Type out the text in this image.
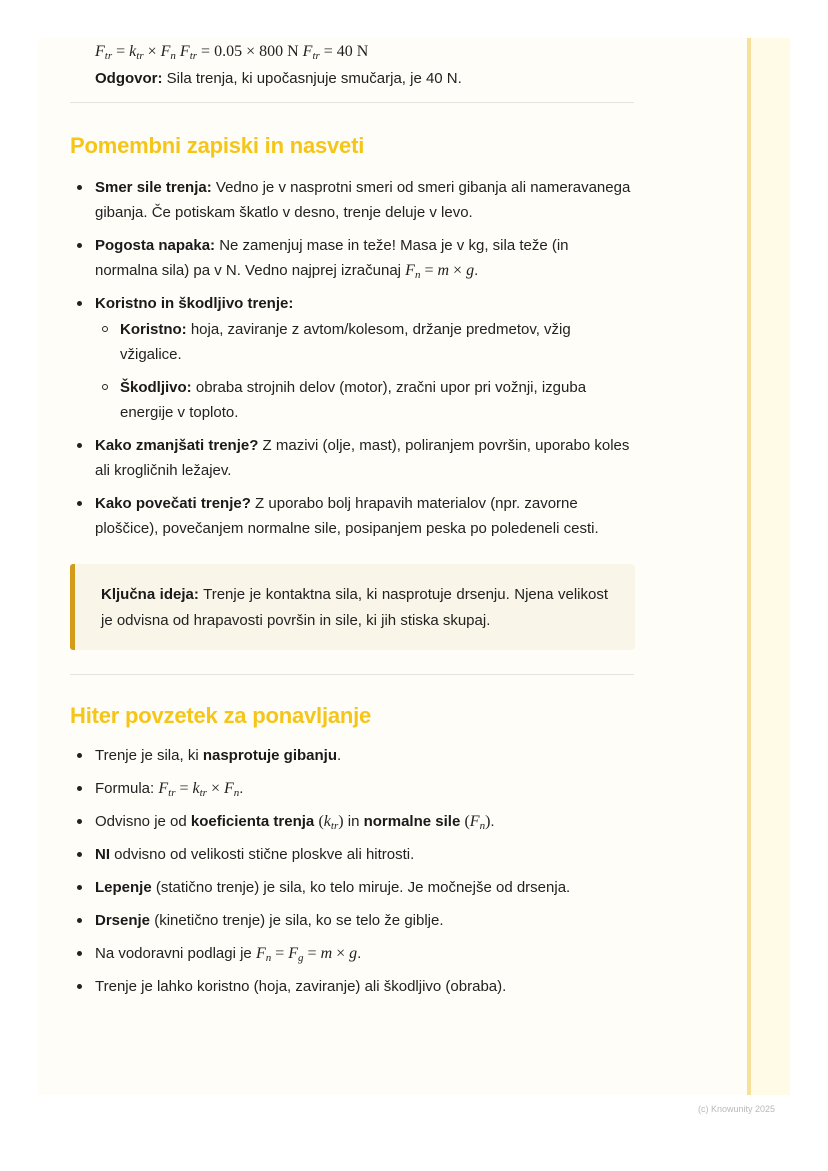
$F_{tr} = k_{tr} \times F_n$ $F_{tr} = 0.05 \times 800$ N $F_{tr} = 40$ N
Odgovor: Sila trenja, ki upočasnjuje smučarja, je 40 N.
Pomembni zapiski in nasveti
Smer sile trenja: Vedno je v nasprotni smeri od smeri gibanja ali nameravanega gibanja. Če potiskam škatlo v desno, trenje deluje v levo.
Pogosta napaka: Ne zamenjuj mase in teže! Masa je v kg, sila teže (in normalna sila) pa v N. Vedno najprej izračunaj $F_n = m \times g$.
Koristno in škodljivo trenje:
Koristno: hoja, zaviranje z avtom/kolesom, držanje predmetov, vžig vžigalice.
Škodljivo: obraba strojnih delov (motor), zračni upor pri vožnji, izguba energije v toploto.
Kako zmanjšati trenje? Z mazivi (olje, mast), poliranjem površin, uporabo koles ali krogličnih ležajev.
Kako povečati trenje? Z uporabo bolj hrapavih materialov (npr. zavorne ploščice), povečanjem normalne sile, posipanjem peska po poledeneli cesti.
Ključna ideja: Trenje je kontaktna sila, ki nasprotuje drsenju. Njena velikost je odvisna od hrapavosti površin in sile, ki jih stiska skupaj.
Hiter povzetek za ponavljanje
Trenje je sila, ki nasprotuje gibanju.
Formula: $F_{tr} = k_{tr} \times F_n$.
Odvisno je od koeficienta trenja $(k_{tr})$ in normalne sile $(F_n)$.
NI odvisno od velikosti stične ploskve ali hitrosti.
Lepenje (statično trenje) je sila, ko telo miruje. Je močnejše od drsenja.
Drsenje (kinetično trenje) je sila, ko se telo že giblje.
Na vodoravni podlagi je $F_n = F_g = m \times g$.
Trenje je lahko koristno (hoja, zaviranje) ali škodljivo (obraba).
(c) Knowunity 2025
